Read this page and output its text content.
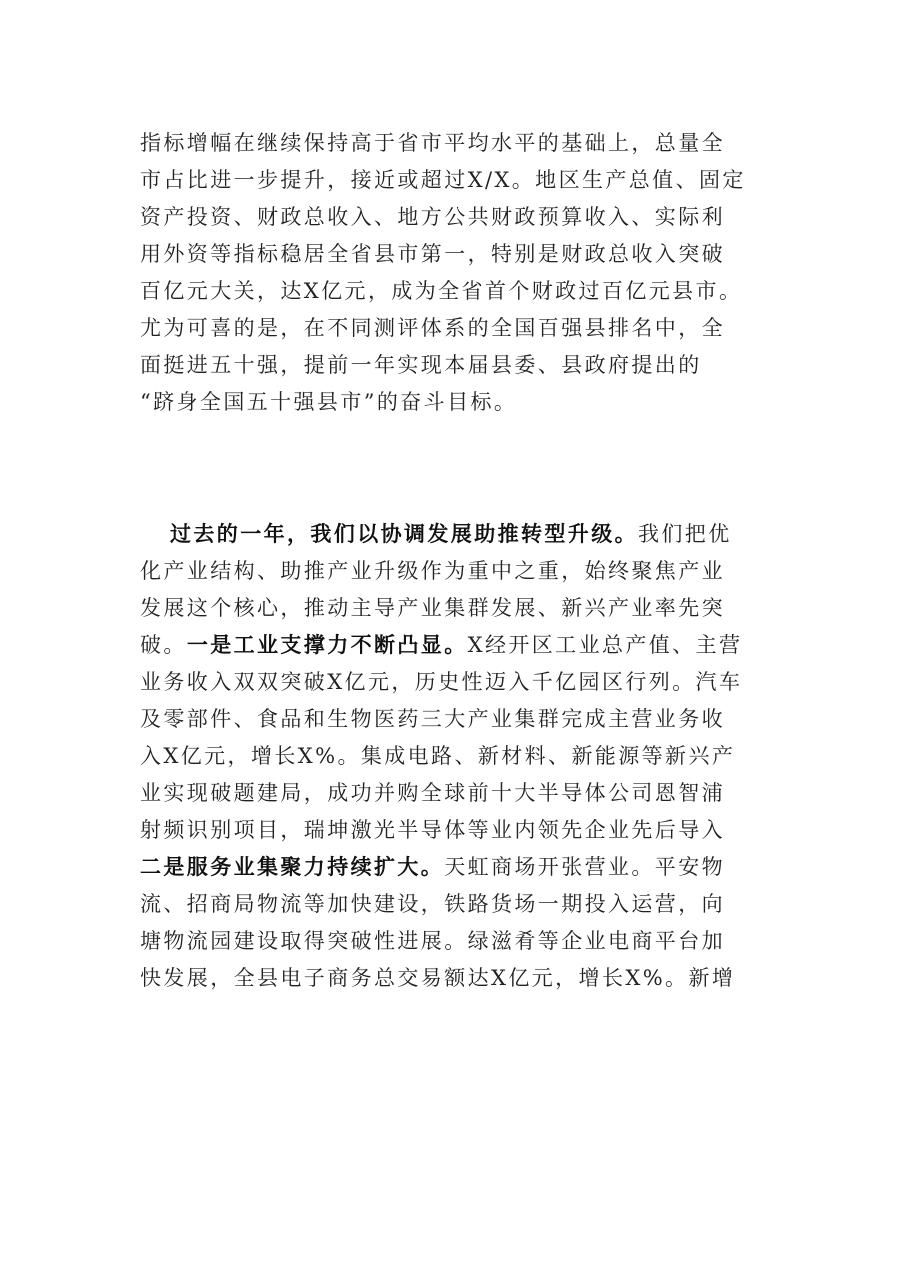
指标增幅在继续保持高于省市平均水平的基础上，总量全

市占比进一步提升，接近或超过X/X。地区生产总值、固定

资产投资、财政总收入、地方公共财政预算收入、实际利

用外资等指标稳居全省县市第一，特别是财政总收入突破

百亿元大关，达X亿元，成为全省首个财政过百亿元县市。

尤为可喜的是，在不同测评体系的全国百强县排名中，全

面挺进五十强，提前一年实现本届县委、县政府提出的

“跻身全国五十强县市”的奋斗目标。

过去的一年，我们以协调发展助推转型升级。我们把优

化产业结构、助推产业升级作为重中之重，始终聚焦产业

发展这个核心，推动主导产业集群发展、新兴产业率先突

破。一是工业支撑力不断凸显。X经开区工业总产值、主营

业务收入双双突破X亿元，历史性迈入千亿园区行列。汽车

及零部件、食品和生物医药三大产业集群完成主营业务收

入X亿元，增长X%。集成电路、新材料、新能源等新兴产

业实现破题建局，成功并购全球前十大半导体公司恩智浦

射频识别项目，瑞坤激光半导体等业内领先企业先后导入

二是服务业集聚力持续扩大。天虹商场开张营业。平安物

流、招商局物流等加快建设，铁路货场一期投入运营，向

塘物流园建设取得突破性进展。绿滋肴等企业电商平台加

快发展，全县电子商务总交易额达X亿元，增长X%。新增
